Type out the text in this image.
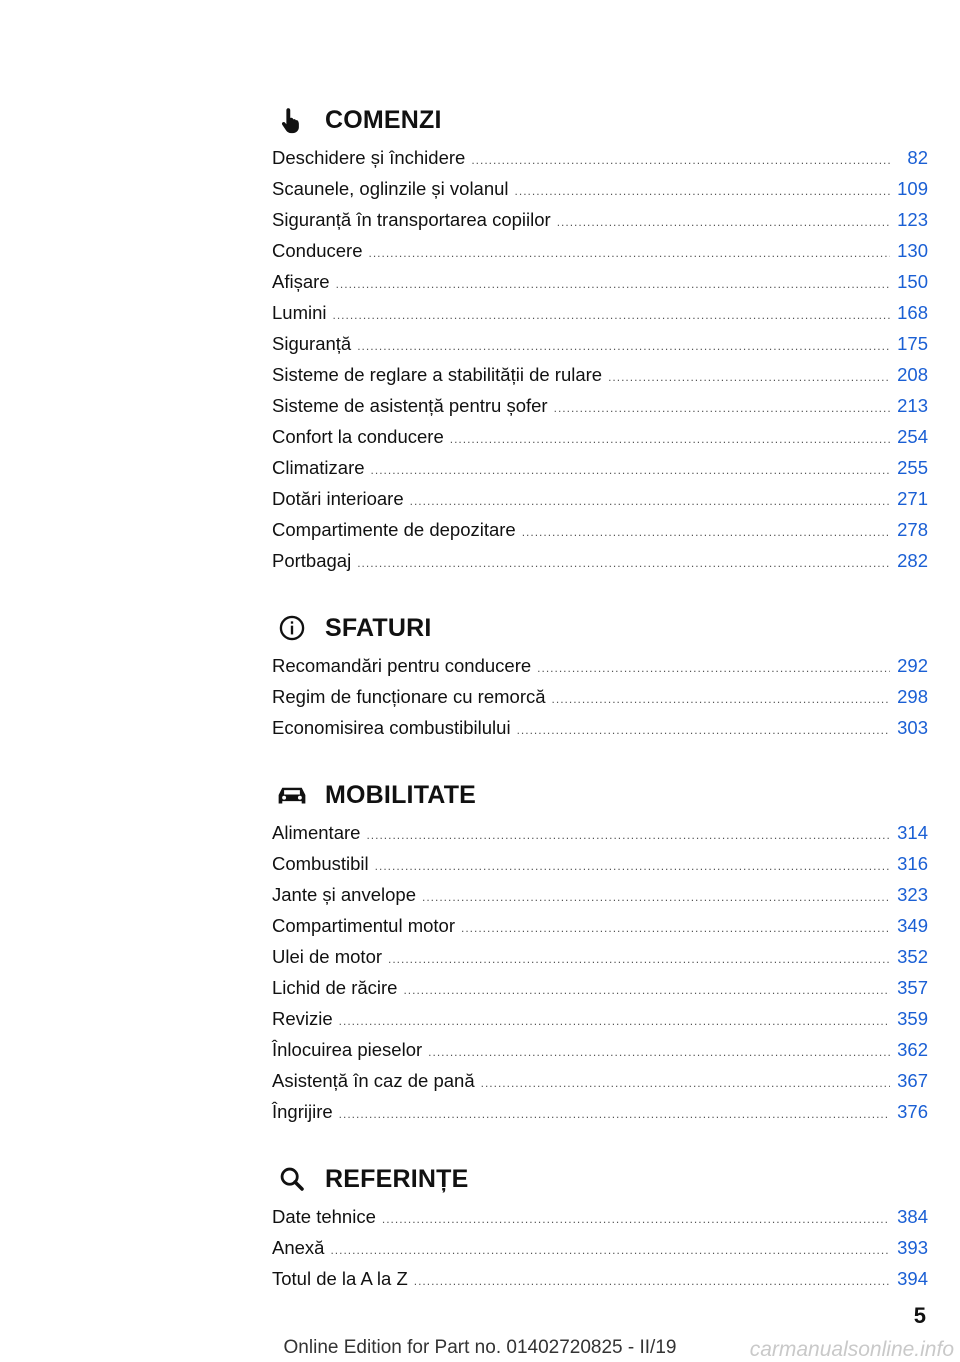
COMENZI
Deschidere și închidere .....	82
Scaunele, oglinzile și volanul .....	109
Siguranță în transportarea copiilor .....	123
Conducere .....	130
Afișare .....	150
Lumini .....	168
Siguranță .....	175
Sisteme de reglare a stabilității de rulare .....	208
Sisteme de asistență pentru șofer .....	213
Confort la conducere .....	254
Climatizare .....	255
Dotări interioare .....	271
Compartimente de depozitare .....	278
Portbagaj .....	282
SFATURI
Recomandări pentru conducere .....	292
Regim de funcționare cu remorcă .....	298
Economisirea combustibilului .....	303
MOBILITATE
Alimentare .....	314
Combustibil .....	316
Jante și anvelope .....	323
Compartimentul motor .....	349
Ulei de motor .....	352
Lichid de răcire .....	357
Revizie .....	359
Înlocuirea pieselor .....	362
Asistență în caz de pană .....	367
Îngrijire .....	376
REFERINȚE
Date tehnice .....	384
Anexă .....	393
Totul de la A la Z .....	394
5
Online Edition for Part no. 01402720825 - II/19	carmanualsonline.info
